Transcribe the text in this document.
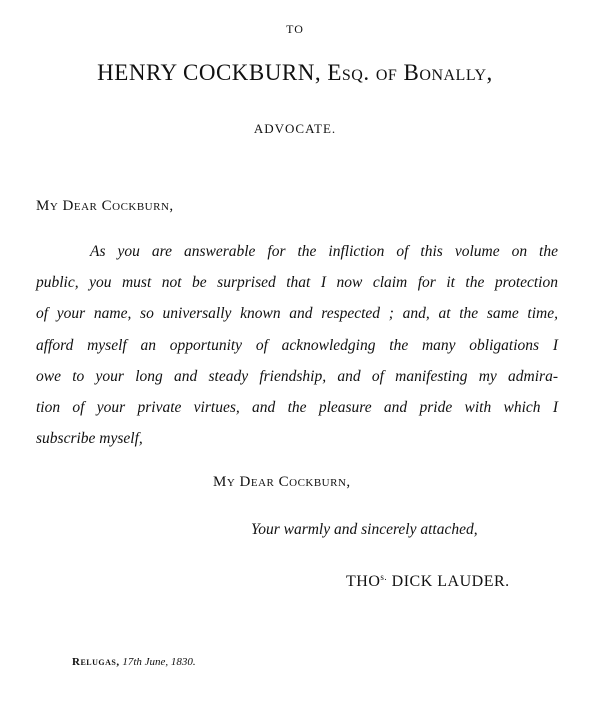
TO
HENRY COCKBURN, Esq. of Bonally,
ADVOCATE.
My Dear Cockburn,

As you are answerable for the infliction of this volume on the
public, you must not be surprised that I now claim for it the protection
of your name, so universally known and respected ; and, at the same time,
afford myself an opportunity of acknowledging the many obligations I
owe to your long and steady friendship, and of manifesting my admira-
tion of your private virtues, and the pleasure and pride with which I
subscribe myself,

My Dear Cockburn,
Your warmly and sincerely attached,
$THO^{s.}$ DICK LAUDER.
Relugas, 17th June, 1830.
